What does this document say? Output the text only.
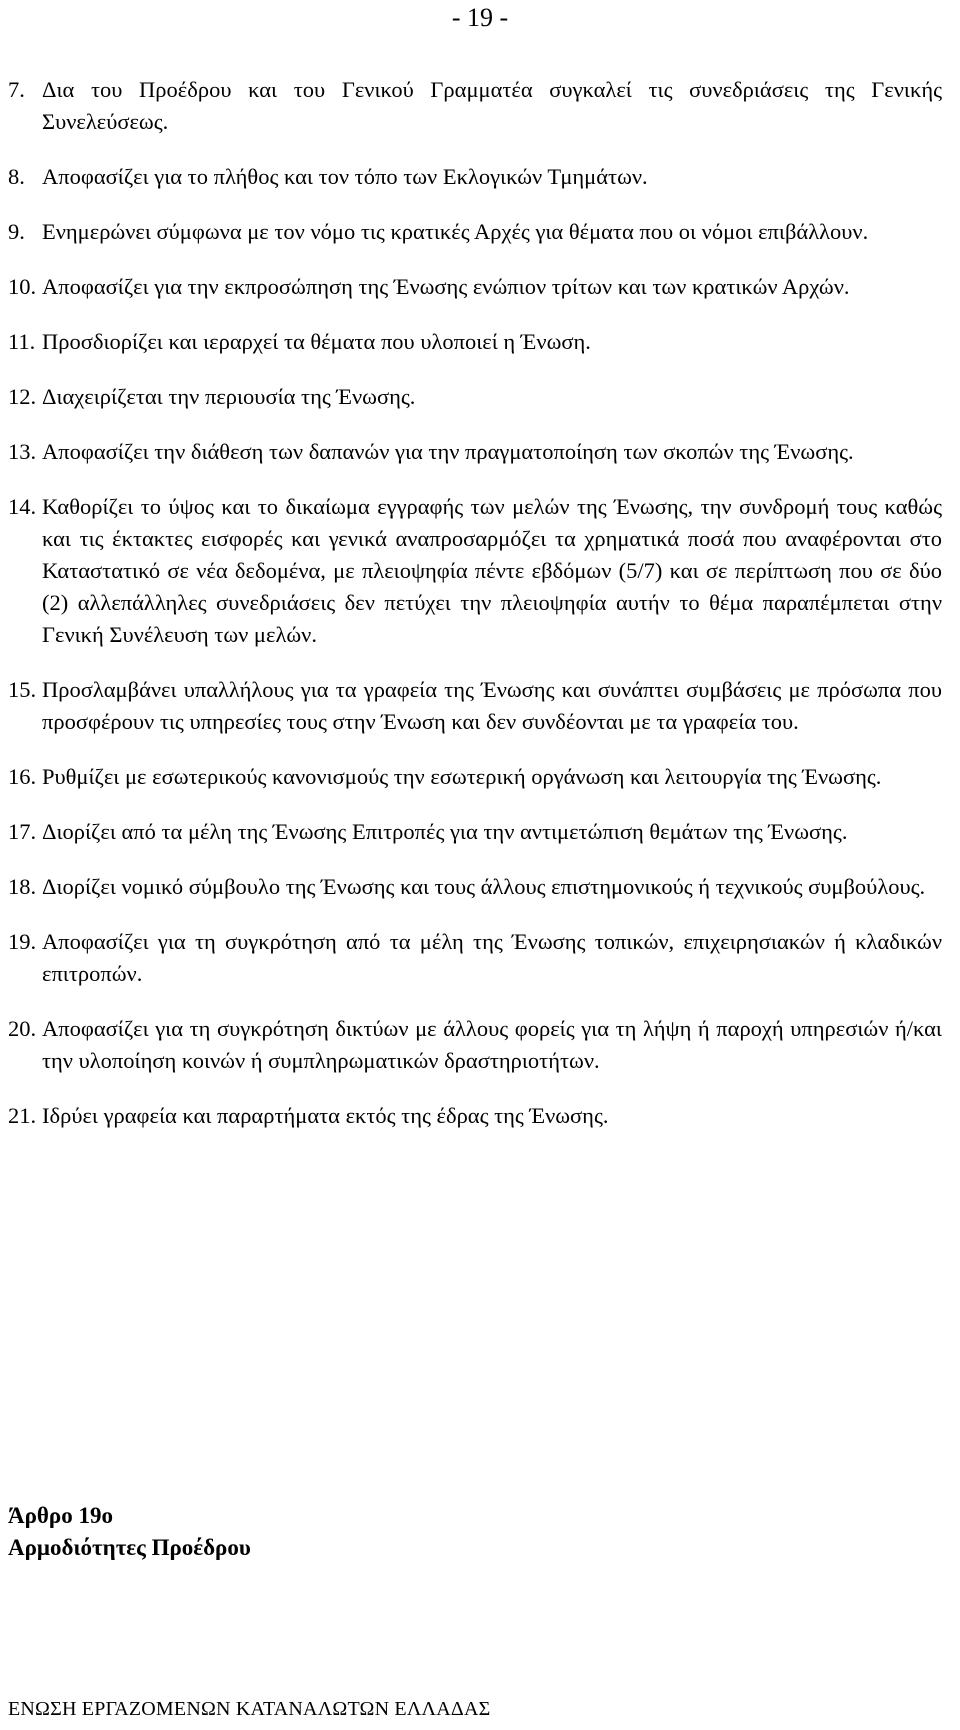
- 19 -
7. Δια του Προέδρου και του Γενικού Γραμματέα συγκαλεί τις συνεδριάσεις της Γενικής Συνελεύσεως.
8. Αποφασίζει για το πλήθος και τον τόπο των Εκλογικών Τμημάτων.
9. Ενημερώνει σύμφωνα με τον νόμο τις κρατικές Αρχές για θέματα που οι νόμοι επιβάλλουν.
10. Αποφασίζει για την εκπροσώπηση της Ένωσης ενώπιον τρίτων και των κρατικών Αρχών.
11. Προσδιορίζει και ιεραρχεί τα θέματα που υλοποιεί η Ένωση.
12. Διαχειρίζεται την περιουσία της Ένωσης.
13. Αποφασίζει την διάθεση των δαπανών για την πραγματοποίηση των σκοπών της Ένωσης.
14. Καθορίζει το ύψος και το δικαίωμα εγγραφής των μελών της Ένωσης, την συνδρομή τους καθώς και τις έκτακτες εισφορές και γενικά αναπροσαρμόζει τα χρηματικά ποσά που αναφέρονται στο Καταστατικό σε νέα δεδομένα, με πλειοψηφία πέντε εβδόμων (5/7) και σε περίπτωση που σε δύο (2) αλλεπάλληλες συνεδριάσεις δεν πετύχει την πλειοψηφία αυτήν το θέμα παραπέμπεται στην Γενική Συνέλευση των μελών.
15. Προσλαμβάνει υπαλλήλους για τα γραφεία της Ένωσης και συνάπτει συμβάσεις με πρόσωπα που προσφέρουν τις υπηρεσίες τους στην Ένωση και δεν συνδέονται με τα γραφεία του.
16. Ρυθμίζει με εσωτερικούς κανονισμούς την εσωτερική οργάνωση και λειτουργία της Ένωσης.
17. Διορίζει από τα μέλη της Ένωσης Επιτροπές για την αντιμετώπιση θεμάτων της Ένωσης.
18. Διορίζει νομικό σύμβουλο της Ένωσης και τους άλλους επιστημονικούς ή τεχνικούς συμβούλους.
19. Αποφασίζει για τη συγκρότηση από τα μέλη της Ένωσης τοπικών, επιχειρησιακών ή κλαδικών επιτροπών.
20. Αποφασίζει για τη συγκρότηση δικτύων με άλλους φορείς για τη λήψη ή παροχή υπηρεσιών ή/και την υλοποίηση κοινών ή συμπληρωματικών δραστηριοτήτων.
21. Ιδρύει γραφεία και παραρτήματα εκτός της έδρας της Ένωσης.
Άρθρο 19ο
Αρμοδιότητες Προέδρου
ΕΝΩΣΗ ΕΡΓΑΖΟΜΕΝΩΝ ΚΑΤΑΝΑΛΩΤΩΝ ΕΛΛΑΔΑΣ
